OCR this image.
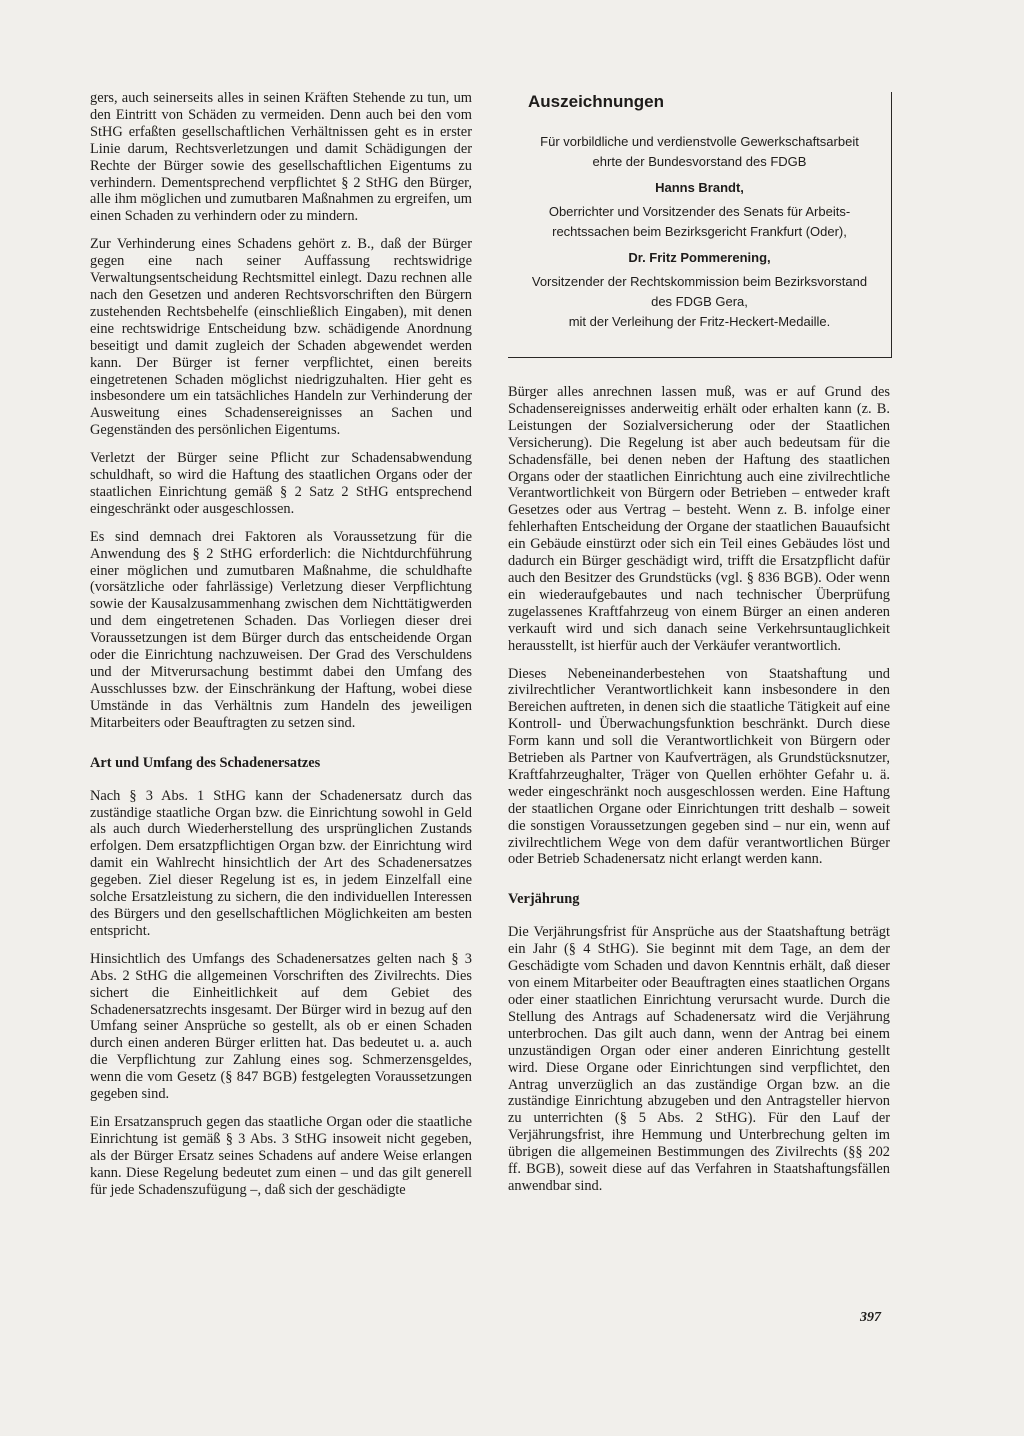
gers, auch seinerseits alles in seinen Kräften Stehende zu tun, um den Eintritt von Schäden zu vermeiden. Denn auch bei den vom StHG erfaßten gesellschaftlichen Verhältnissen geht es in erster Linie darum, Rechtsverletzungen und damit Schädigungen der Rechte der Bürger sowie des gesellschaftlichen Eigentums zu verhindern. Dementsprechend verpflichtet § 2 StHG den Bürger, alle ihm möglichen und zumutbaren Maßnahmen zu ergreifen, um einen Schaden zu verhindern oder zu mindern.

Zur Verhinderung eines Schadens gehört z. B., daß der Bürger gegen eine nach seiner Auffassung rechtswidrige Verwaltungsentscheidung Rechtsmittel einlegt. Dazu rechnen alle nach den Gesetzen und anderen Rechtsvorschriften den Bürgern zustehenden Rechtsbehelfe (einschließlich Eingaben), mit denen eine rechtswidrige Entscheidung bzw. schädigende Anordnung beseitigt und damit zugleich der Schaden abgewendet werden kann. Der Bürger ist ferner verpflichtet, einen bereits eingetretenen Schaden möglichst niedrigzuhalten. Hier geht es insbesondere um ein tatsächliches Handeln zur Verhinderung der Ausweitung eines Schadensereignisses an Sachen und Gegenständen des persönlichen Eigentums.

Verletzt der Bürger seine Pflicht zur Schadensabwendung schuldhaft, so wird die Haftung des staatlichen Organs oder der staatlichen Einrichtung gemäß § 2 Satz 2 StHG entsprechend eingeschränkt oder ausgeschlossen.

Es sind demnach drei Faktoren als Voraussetzung für die Anwendung des § 2 StHG erforderlich: die Nichtdurchführung einer möglichen und zumutbaren Maßnahme, die schuldhafte (vorsätzliche oder fahrlässige) Verletzung dieser Verpflichtung sowie der Kausalzusammenhang zwischen dem Nichttätigwerden und dem eingetretenen Schaden. Das Vorliegen dieser drei Voraussetzungen ist dem Bürger durch das entscheidende Organ oder die Einrichtung nachzuweisen. Der Grad des Verschuldens und der Mitverursachung bestimmt dabei den Umfang des Ausschlusses bzw. der Einschränkung der Haftung, wobei diese Umstände in das Verhältnis zum Handeln des jeweiligen Mitarbeiters oder Beauftragten zu setzen sind.

Art und Umfang des Schadenersatzes

Nach § 3 Abs. 1 StHG kann der Schadenersatz durch das zuständige staatliche Organ bzw. die Einrichtung sowohl in Geld als auch durch Wiederherstellung des ursprünglichen Zustands erfolgen. Dem ersatzpflichtigen Organ bzw. der Einrichtung wird damit ein Wahlrecht hinsichtlich der Art des Schadenersatzes gegeben. Ziel dieser Regelung ist es, in jedem Einzelfall eine solche Ersatzleistung zu sichern, die den individuellen Interessen des Bürgers und den gesellschaftlichen Möglichkeiten am besten entspricht.

Hinsichtlich des Umfangs des Schadenersatzes gelten nach § 3 Abs. 2 StHG die allgemeinen Vorschriften des Zivilrechts. Dies sichert die Einheitlichkeit auf dem Gebiet des Schadenersatzrechts insgesamt. Der Bürger wird in bezug auf den Umfang seiner Ansprüche so gestellt, als ob er einen Schaden durch einen anderen Bürger erlitten hat. Das bedeutet u. a. auch die Verpflichtung zur Zahlung eines sog. Schmerzensgeldes, wenn die vom Gesetz (§ 847 BGB) festgelegten Voraussetzungen gegeben sind.

Ein Ersatzanspruch gegen das staatliche Organ oder die staatliche Einrichtung ist gemäß § 3 Abs. 3 StHG insoweit nicht gegeben, als der Bürger Ersatz seines Schadens auf andere Weise erlangen kann. Diese Regelung bedeutet zum einen – und das gilt generell für jede Schadenszufügung –, daß sich der geschädigte

Auszeichnungen
Für vorbildliche und verdienstvolle Gewerkschaftsarbeit
ehrte der Bundesvorstand des FDGB
Hanns Brandt,
Oberrichter und Vorsitzender des Senats für Arbeits-
rechtssachen beim Bezirksgericht Frankfurt (Oder),
Dr. Fritz Pommerening,
Vorsitzender der Rechtskommission beim Bezirksvorstand
des FDGB Gera,
mit der Verleihung der Fritz-Heckert-Medaille.

Bürger alles anrechnen lassen muß, was er auf Grund des Schadensereignisses anderweitig erhält oder erhalten kann (z. B. Leistungen der Sozialversicherung oder der Staatlichen Versicherung). Die Regelung ist aber auch bedeutsam für die Schadensfälle, bei denen neben der Haftung des staatlichen Organs oder der staatlichen Einrichtung auch eine zivilrechtliche Verantwortlichkeit von Bürgern oder Betrieben – entweder kraft Gesetzes oder aus Vertrag – besteht. Wenn z. B. infolge einer fehlerhaften Entscheidung der Organe der staatlichen Bauaufsicht ein Gebäude einstürzt oder sich ein Teil eines Gebäudes löst und dadurch ein Bürger geschädigt wird, trifft die Ersatzpflicht dafür auch den Besitzer des Grundstücks (vgl. § 836 BGB). Oder wenn ein wiederaufgebautes und nach technischer Überprüfung zugelassenes Kraftfahrzeug von einem Bürger an einen anderen verkauft wird und sich danach seine Verkehrsuntauglichkeit herausstellt, ist hierfür auch der Verkäufer verantwortlich.

Dieses Nebeneinanderbestehen von Staatshaftung und zivilrechtlicher Verantwortlichkeit kann insbesondere in den Bereichen auftreten, in denen sich die staatliche Tätigkeit auf eine Kontroll- und Überwachungsfunktion beschränkt. Durch diese Form kann und soll die Verantwortlichkeit von Bürgern oder Betrieben als Partner von Kaufverträgen, als Grundstücksnutzer, Kraftfahrzeughalter, Träger von Quellen erhöhter Gefahr u. ä. weder eingeschränkt noch ausgeschlossen werden. Eine Haftung der staatlichen Organe oder Einrichtungen tritt deshalb – soweit die sonstigen Voraussetzungen gegeben sind – nur ein, wenn auf zivilrechtlichem Wege von dem dafür verantwortlichen Bürger oder Betrieb Schadenersatz nicht erlangt werden kann.

Verjährung

Die Verjährungsfrist für Ansprüche aus der Staatshaftung beträgt ein Jahr (§ 4 StHG). Sie beginnt mit dem Tage, an dem der Geschädigte vom Schaden und davon Kenntnis erhält, daß dieser von einem Mitarbeiter oder Beauftragten eines staatlichen Organs oder einer staatlichen Einrichtung verursacht wurde. Durch die Stellung des Antrags auf Schadenersatz wird die Verjährung unterbrochen. Das gilt auch dann, wenn der Antrag bei einem unzuständigen Organ oder einer anderen Einrichtung gestellt wird. Diese Organe oder Einrichtungen sind verpflichtet, den Antrag unverzüglich an das zuständige Organ bzw. an die zuständige Einrichtung abzugeben und den Antragsteller hiervon zu unterrichten (§ 5 Abs. 2 StHG). Für den Lauf der Verjährungsfrist, ihre Hemmung und Unterbrechung gelten im übrigen die allgemeinen Bestimmungen des Zivilrechts (§§ 202 ff. BGB), soweit diese auf das Verfahren in Staatshaftungsfällen anwendbar sind.

397
